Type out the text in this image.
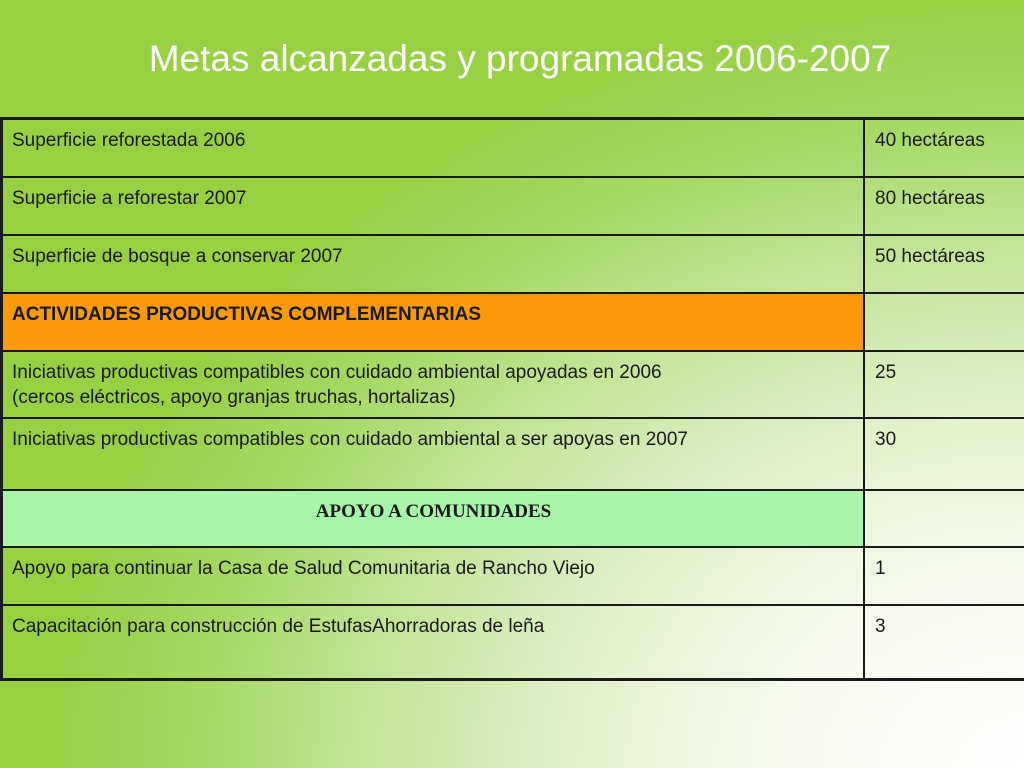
Metas alcanzadas y programadas 2006-2007
Superficie reforestada 2006	40 hectáreas
Superficie a reforestar 2007	80 hectáreas
Superficie de bosque a conservar 2007	50 hectáreas
ACTIVIDADES PRODUCTIVAS COMPLEMENTARIAS	
Iniciativas productivas compatibles con cuidado ambiental apoyadas en 2006
(cercos eléctricos, apoyo granjas truchas, hortalizas)	25
Iniciativas productivas compatibles con cuidado ambiental a ser apoyas en 2007	30
APOYO A COMUNIDADES	
Apoyo para continuar la Casa de Salud Comunitaria de Rancho Viejo	1
Capacitación para construcción de EstufasAhorradoras de leña	3
